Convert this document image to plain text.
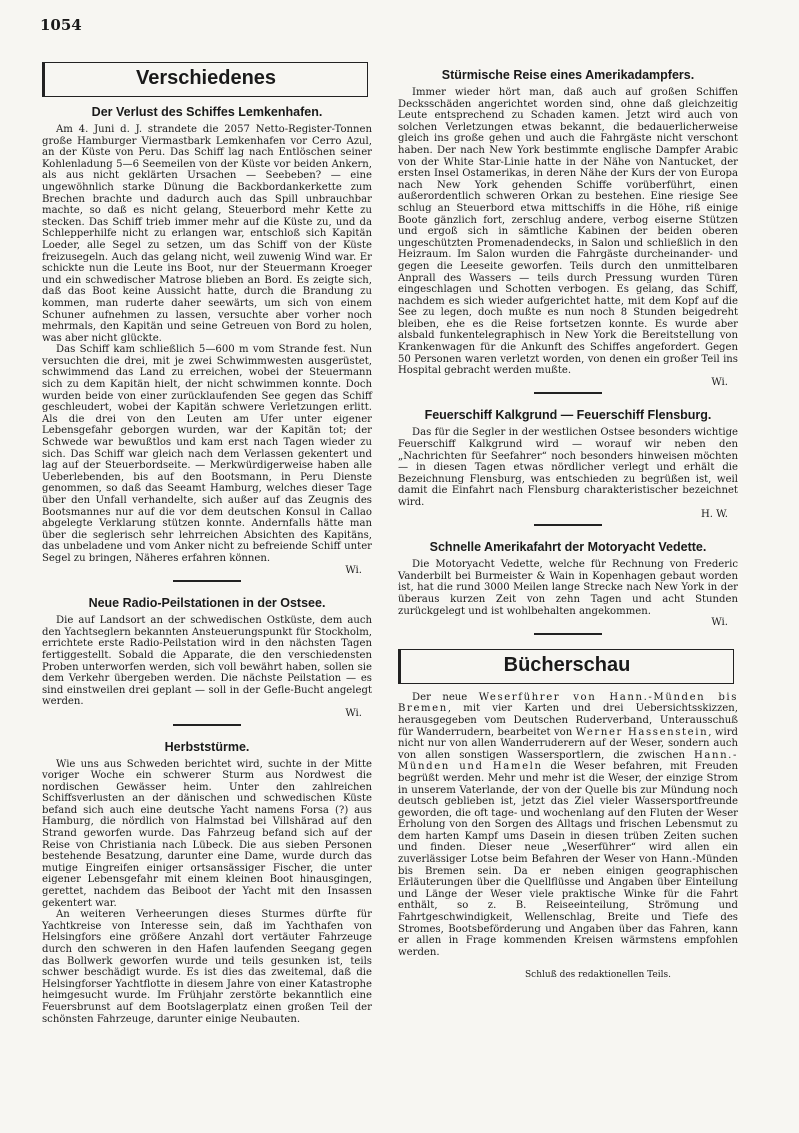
1054
Verschiedenes
Der Verlust des Schiffes Lemkenhafen.

Am 4. Juni d. J. strandete die 2057 Netto-Register-Tonnen große Hamburger Viermastbark Lemkenhafen vor Cerro Azul, an der Küste von Peru. Das Schiff lag nach Entlöschen seiner Kohlenladung 5—6 Seemeilen von der Küste vor beiden Ankern, als aus nicht geklärten Ursachen — Seebeben? — eine ungewöhnlich starke Dünung die Backbordankerkette zum Brechen brachte und dadurch auch das Spill unbrauchbar machte, so daß es nicht gelang, Steuerbord mehr Kette zu stecken. Das Schiff trieb immer mehr auf die Küste zu, und da Schlepperhilfe nicht zu erlangen war, entschloß sich Kapitän Loeder, alle Segel zu setzen, um das Schiff von der Küste freizusegeln. Auch das gelang nicht, weil zuwenig Wind war. Er schickte nun die Leute ins Boot, nur der Steuermann Kroeger und ein schwedischer Matrose blieben an Bord. Es zeigte sich, daß das Boot keine Aussicht hatte, durch die Brandung zu kommen, man ruderte daher seewärts, um sich von einem Schuner aufnehmen zu lassen, versuchte aber vorher noch mehrmals, den Kapitän und seine Getreuen von Bord zu holen, was aber nicht glückte.

Das Schiff kam schließlich 5—600 m vom Strande fest. Nun versuchten die drei, mit je zwei Schwimmwesten ausgerüstet, schwimmend das Land zu erreichen, wobei der Steuermann sich zu dem Kapitän hielt, der nicht schwimmen konnte. Doch wurden beide von einer zurücklaufenden See gegen das Schiff geschleudert, wobei der Kapitän schwere Verletzungen erlitt. Als die drei von den Leuten am Ufer unter eigener Lebensgefahr geborgen wurden, war der Kapitän tot; der Schwede war bewußtlos und kam erst nach Tagen wieder zu sich. Das Schiff war gleich nach dem Verlassen gekentert und lag auf der Steuerbordseite. — Merkwürdigerweise haben alle Ueberlebenden, bis auf den Bootsmann, in Peru Dienste genommen, so daß das Seeamt Hamburg, welches dieser Tage über den Unfall verhandelte, sich außer auf das Zeugnis des Bootsmannes nur auf die vor dem deutschen Konsul in Callao abgelegte Verklarung stützen konnte. Andernfalls hätte man über die seglerisch sehr lehrreichen Absichten des Kapitäns, das unbeladene und vom Anker nicht zu befreiende Schiff unter Segel zu bringen, Näheres erfahren können.

Wi.
Neue Radio-Peilstationen in der Ostsee.

Die auf Landsort an der schwedischen Ostküste, dem auch den Yachtseglern bekannten Ansteuerungspunkt für Stockholm, errichtete erste Radio-Peilstation wird in den nächsten Tagen fertiggestellt. Sobald die Apparate, die den verschiedensten Proben unterworfen werden, sich voll bewährt haben, sollen sie dem Verkehr übergeben werden. Die nächste Peilstation — es sind einstweilen drei geplant — soll in der Gefle-Bucht angelegt werden.

Wi.
Herbststürme.

Wie uns aus Schweden berichtet wird, suchte in der Mitte voriger Woche ein schwerer Sturm aus Nordwest die nordischen Gewässer heim. Unter den zahlreichen Schiffsverlusten an der dänischen und schwedischen Küste befand sich auch eine deutsche Yacht namens Forsa (?) aus Hamburg, die nördlich von Halmstad bei Villshärad auf den Strand geworfen wurde. Das Fahrzeug befand sich auf der Reise von Christiania nach Lübeck. Die aus sieben Personen bestehende Besatzung, darunter eine Dame, wurde durch das mutige Eingreifen einiger ortsansässiger Fischer, die unter eigener Lebensgefahr mit einem kleinen Boot hinausgingen, gerettet, nachdem das Beiboot der Yacht mit den Insassen gekentert war.

An weiteren Verheerungen dieses Sturmes dürfte für Yachtkreise von Interesse sein, daß im Yachthafen von Helsingfors eine größere Anzahl dort vertäuter Fahrzeuge durch den schweren in den Hafen laufenden Seegang gegen das Bollwerk geworfen wurde und teils gesunken ist, teils schwer beschädigt wurde. Es ist dies das zweitemal, daß die Helsingforser Yachtflotte in diesem Jahre von einer Katastrophe heimgesucht wurde. Im Frühjahr zerstörte bekanntlich eine Feuersbrunst auf dem Bootslagerplatz einen großen Teil der schönsten Fahrzeuge, darunter einige Neubauten.

Stürmische Reise eines Amerikadampfers.

Immer wieder hört man, daß auch auf großen Schiffen Decksschäden angerichtet worden sind, ohne daß gleichzeitig Leute entsprechend zu Schaden kamen. Jetzt wird auch von solchen Verletzungen etwas bekannt, die bedauerlicherweise gleich ins große gehen und auch die Fahrgäste nicht verschont haben. Der nach New York bestimmte englische Dampfer Arabic von der White Star-Linie hatte in der Nähe von Nantucket, der ersten Insel Ostamerikas, in deren Nähe der Kurs der von Europa nach New York gehenden Schiffe vorüberführt, einen außerordentlich schweren Orkan zu bestehen. Eine riesige See schlug an Steuerbord etwa mittschiffs in die Höhe, riß einige Boote gänzlich fort, zerschlug andere, verbog eiserne Stützen und ergoß sich in sämtliche Kabinen der beiden oberen ungeschützten Promenadendecks, in Salon und schließlich in den Heizraum. Im Salon wurden die Fahrgäste durcheinander- und gegen die Leeseite geworfen. Teils durch den unmittelbaren Anprall des Wassers — teils durch Pressung wurden Türen eingeschlagen und Schotten verbogen. Es gelang, das Schiff, nachdem es sich wieder aufgerichtet hatte, mit dem Kopf auf die See zu legen, doch mußte es nun noch 8 Stunden beigedreht bleiben, ehe es die Reise fortsetzen konnte. Es wurde aber alsbald funkentelegraphisch in New York die Bereitstellung von Krankenwagen für die Ankunft des Schiffes angefordert. Gegen 50 Personen waren verletzt worden, von denen ein großer Teil ins Hospital gebracht werden mußte.

Wi.
Feuerschiff Kalkgrund — Feuerschiff Flensburg.

Das für die Segler in der westlichen Ostsee besonders wichtige Feuerschiff Kalkgrund wird — worauf wir neben den „Nachrichten für Seefahrer“ noch besonders hinweisen möchten — in diesen Tagen etwas nördlicher verlegt und erhält die Bezeichnung Flensburg, was entschieden zu begrüßen ist, weil damit die Einfahrt nach Flensburg charakteristischer bezeichnet wird.

H. W.
Schnelle Amerikafahrt der Motoryacht Vedette.

Die Motoryacht Vedette, welche für Rechnung von Frederic Vanderbilt bei Burmeister & Wain in Kopenhagen gebaut worden ist, hat die rund 3000 Meilen lange Strecke nach New York in der überaus kurzen Zeit von zehn Tagen und acht Stunden zurückgelegt und ist wohlbehalten angekommen.

Wi.
Bücherschau

Der neue Weserführer von Hann.-Münden bis Bremen, mit vier Karten und drei Uebersichtsskizzen, herausgegeben vom Deutschen Ruderverband, Unterausschuß für Wanderrudern, bearbeitet von Werner Hassenstein, wird nicht nur von allen Wanderruderern auf der Weser, sondern auch von allen sonstigen Wassersportlern, die zwischen Hann.-Münden und Hameln die Weser befahren, mit Freuden begrüßt werden. Mehr und mehr ist die Weser, der einzige Strom in unserem Vaterlande, der von der Quelle bis zur Mündung noch deutsch geblieben ist, jetzt das Ziel vieler Wassersportfreunde geworden, die oft tage- und wochenlang auf den Fluten der Weser Erholung von den Sorgen des Alltags und frischen Lebensmut zu dem harten Kampf ums Dasein in diesen trüben Zeiten suchen und finden. Dieser neue „Weserführer“ wird allen ein zuverlässiger Lotse beim Befahren der Weser von Hann.-Münden bis Bremen sein. Da er neben einigen geographischen Erläuterungen über die Quellflüsse und Angaben über Einteilung und Länge der Weser viele praktische Winke für die Fahrt enthält, so z. B. Reiseeinteilung, Strömung und Fahrtgeschwindigkeit, Wellenschlag, Breite und Tiefe des Stromes, Bootsbeförderung und Angaben über das Fahren, kann er allen in Frage kommenden Kreisen wärmstens empfohlen werden.

Schluß des redaktionellen Teils.
